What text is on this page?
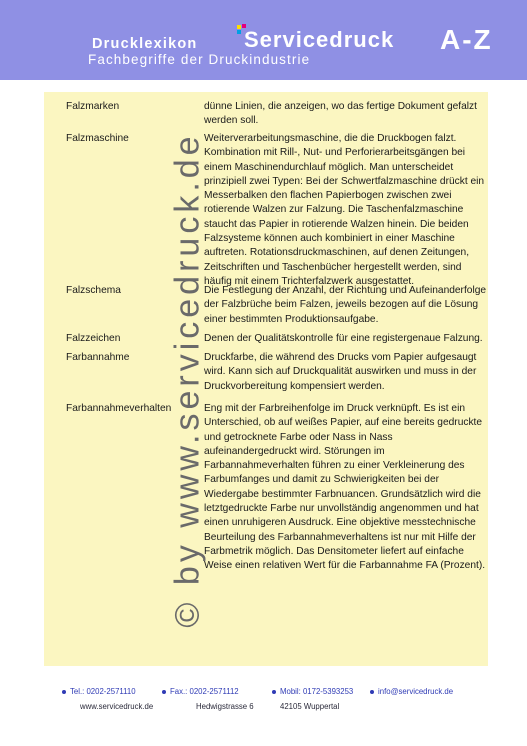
Drucklexikon
Fachbegriffe der Druckindustrie
Servicedruck A-Z
Falzmarken	dünne Linien, die anzeigen, wo das fertige Dokument gefalzt werden soll.
Falzmaschine	Weiterverarbeitungsmaschine, die die Druckbogen falzt. Kombination mit Rill-, Nut- und Perforierarbeitsgängen bei einem Maschinendurchlauf möglich. Man unterscheidet prinzipiell zwei Typen: Bei der Schwertfalzmaschine drückt ein Messerbalken den flachen Papierbogen zwischen zwei rotierende Walzen zur Falzung. Die Taschenfalzmaschine staucht das Papier in rotierende Walzen hinein. Die beiden Falzsysteme können auch kombiniert in einer Maschine auftreten. Rotationsdruckmaschinen, auf denen Zeitungen, Zeitschriften und Taschenbücher hergestellt werden, sind häufig mit einem Trichterfalzwerk ausgestattet.
Falzschema	Die Festlegung der Anzahl, der Richtung und Aufeinanderfolge der Falzbrüche beim Falzen, jeweils bezogen auf die Lösung einer bestimmten Produktionsaufgabe.
Falzzeichen	Denen der Qualitätskontrolle für eine registergenaue Falzung.
Farbannahme	Druckfarbe, die während des Drucks vom Papier aufgesaugt wird. Kann sich auf Druckqualität auswirken und muss in der Druckvorbereitung kompensiert werden.
Farbannahmeverhalten	Eng mit der Farbreihenfolge im Druck verknüpft. Es ist ein Unterschied, ob auf weißes Papier, auf eine bereits gedruckte und getrocknete Farbe oder Nass in Nass aufeinandergedruckt wird. Störungen im Farbannahmeverhalten führen zu einer Verkleinerung des Farbumfanges und damit zu Schwierigkeiten bei der Wiedergabe bestimmter Farbnuancen. Grundsätzlich wird die letztgedruckte Farbe nur unvollständig angenommen und hat einen unruhigeren Ausdruck. Eine objektive messtechnische Beurteilung des Farbannahmeverhaltens ist nur mit Hilfe der Farbmetrik möglich. Das Densitometer liefert auf einfache Weise einen relativen Wert für die Farbannahme FA (Prozent).
© by www.servicedruck.de
Tel.: 0202-2571110	Fax.: 0202-2571112	Mobil: 0172-5393253	info@servicedruck.de
www.servicedruck.de	Hedwigstrasse 6	42105 Wuppertal
